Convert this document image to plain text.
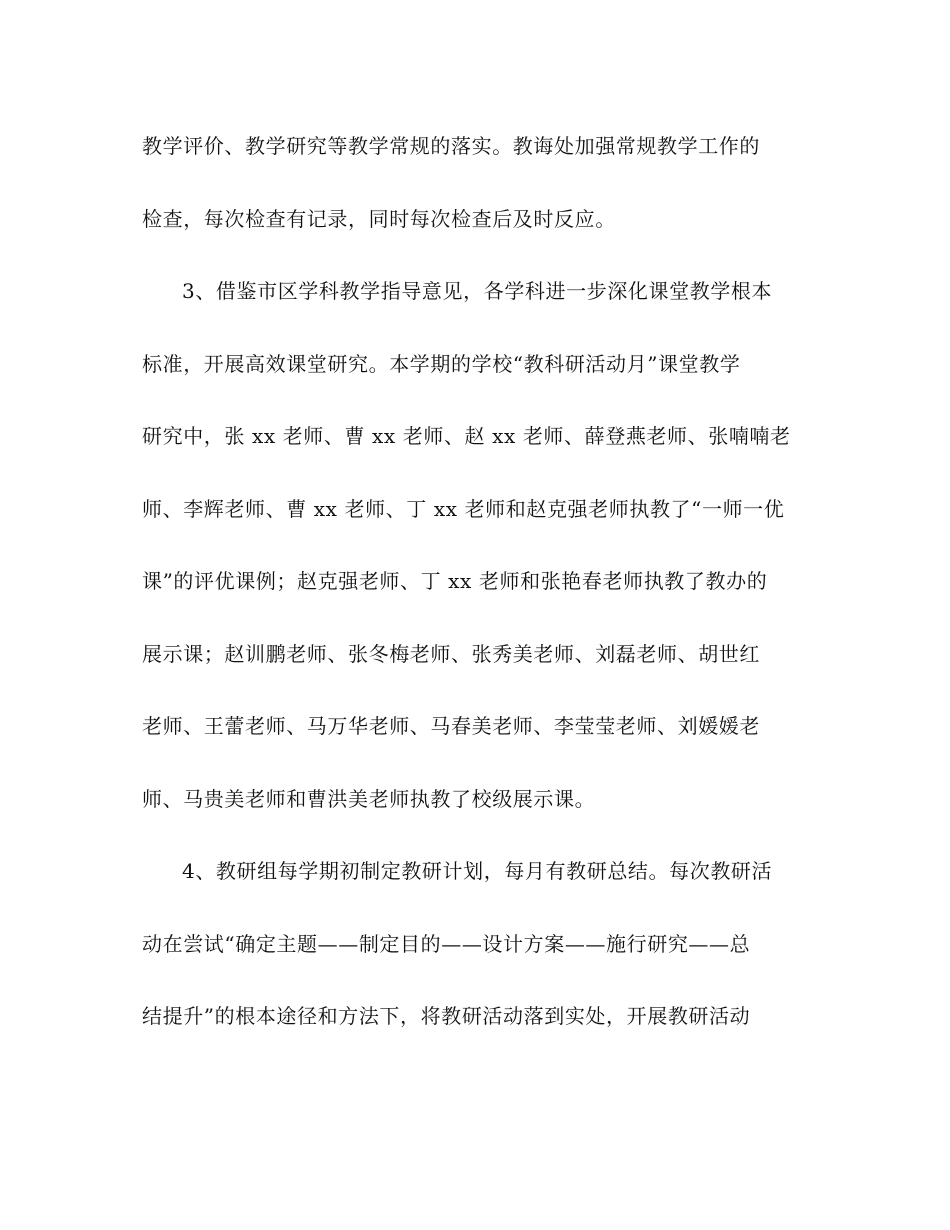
教学评价、教学研究等教学常规的落实。教诲处加强常规教学工作的
检查，每次检查有记录，同时每次检查后及时反应。
3、借鉴市区学科教学指导意见，各学科进一步深化课堂教学根本
标准，开展高效课堂研究。本学期的学校“教科研活动月”课堂教学
研究中，张 xx 老师、曹 xx 老师、赵 xx 老师、薛登燕老师、张喃喃老
师、李辉老师、曹 xx 老师、丁 xx 老师和赵克强老师执教了“一师一优
课”的评优课例；赵克强老师、丁 xx 老师和张艳春老师执教了教办的
展示课；赵训鹏老师、张冬梅老师、张秀美老师、刘磊老师、胡世红
老师、王蕾老师、马万华老师、马春美老师、李莹莹老师、刘媛媛老
师、马贵美老师和曹洪美老师执教了校级展示课。
4、教研组每学期初制定教研计划，每月有教研总结。每次教研活
动在尝试“确定主题——制定目的——设计方案——施行研究——总
结提升”的根本途径和方法下，将教研活动落到实处，开展教研活动
